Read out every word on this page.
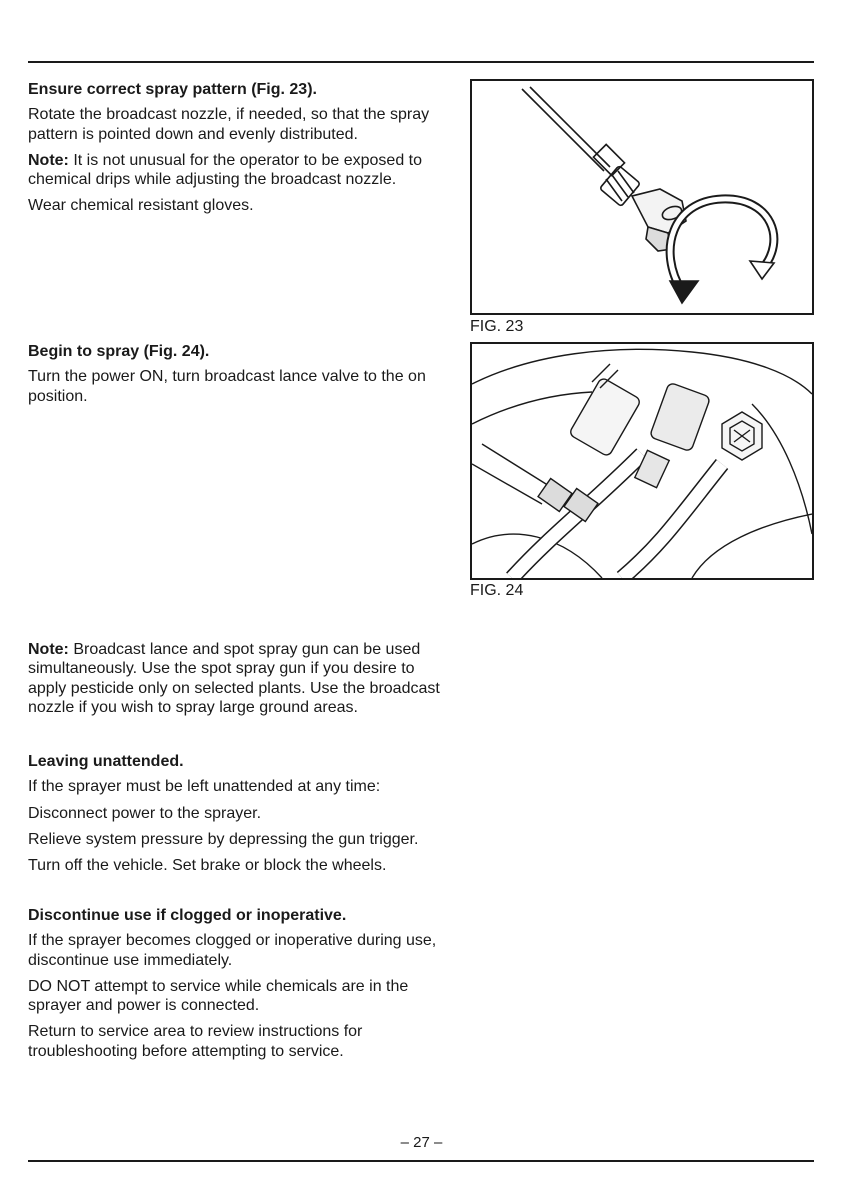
Ensure correct spray pattern (Fig. 23).

Rotate the broadcast nozzle, if needed, so that the spray pattern is pointed down and evenly distributed.

Note: It is not unusual for the operator to be exposed to chemical drips while adjusting the broadcast nozzle.

Wear chemical resistant gloves.

Begin to spray (Fig. 24).

Turn the power ON, turn broadcast lance valve to the on position.

Note: Broadcast lance and spot spray gun can be used simultaneously. Use the spot spray gun if you desire to apply pesticide only on selected plants. Use the broadcast nozzle if you wish to spray large ground areas.

Leaving unattended.

If the sprayer must be left unattended at any time:

Disconnect power to the sprayer.

Relieve system pressure by depressing the gun trigger.

Turn off the vehicle. Set brake or block the wheels.

Discontinue use if clogged or inoperative.

If the sprayer becomes clogged or inoperative during use, discontinue use immediately.

DO NOT attempt to service while chemicals are in the sprayer and power is connected.

Return to service area to review instructions for troubleshooting before attempting to service.

FIG. 23
FIG. 24
– 27 –
